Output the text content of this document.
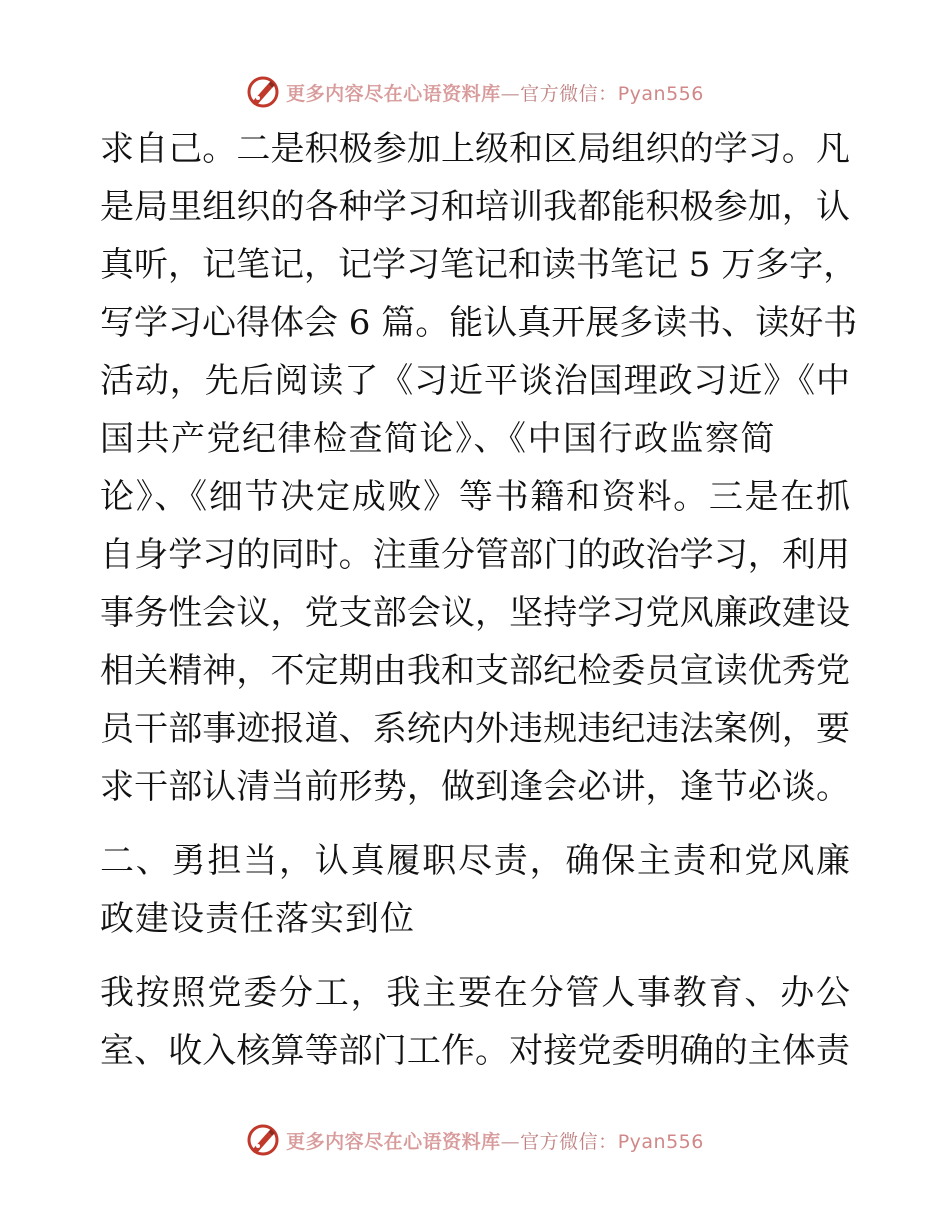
更多内容尽在心语资料库—官方微信：Pyan556
求自己。二是积极参加上级和区局组织的学习。凡
是局里组织的各种学习和培训我都能积极参加，认
真听，记笔记，记学习笔记和读书笔记 5 万多字，
写学习心得体会 6 篇。能认真开展多读书、读好书
活动，先后阅读了《习近平谈治国理政习近》《中
国共产党纪律检查简论》、《中国行政监察简
论》、《细节决定成败》等书籍和资料。三是在抓
自身学习的同时。注重分管部门的政治学习，利用
事务性会议，党支部会议，坚持学习党风廉政建设
相关精神，不定期由我和支部纪检委员宣读优秀党
员干部事迹报道、系统内外违规违纪违法案例，要
求干部认清当前形势，做到逢会必讲，逢节必谈。
二、勇担当，认真履职尽责，确保主责和党风廉
政建设责任落实到位
我按照党委分工，我主要在分管人事教育、办公
室、收入核算等部门工作。对接党委明确的主体责
更多内容尽在心语资料库—官方微信：Pyan556
